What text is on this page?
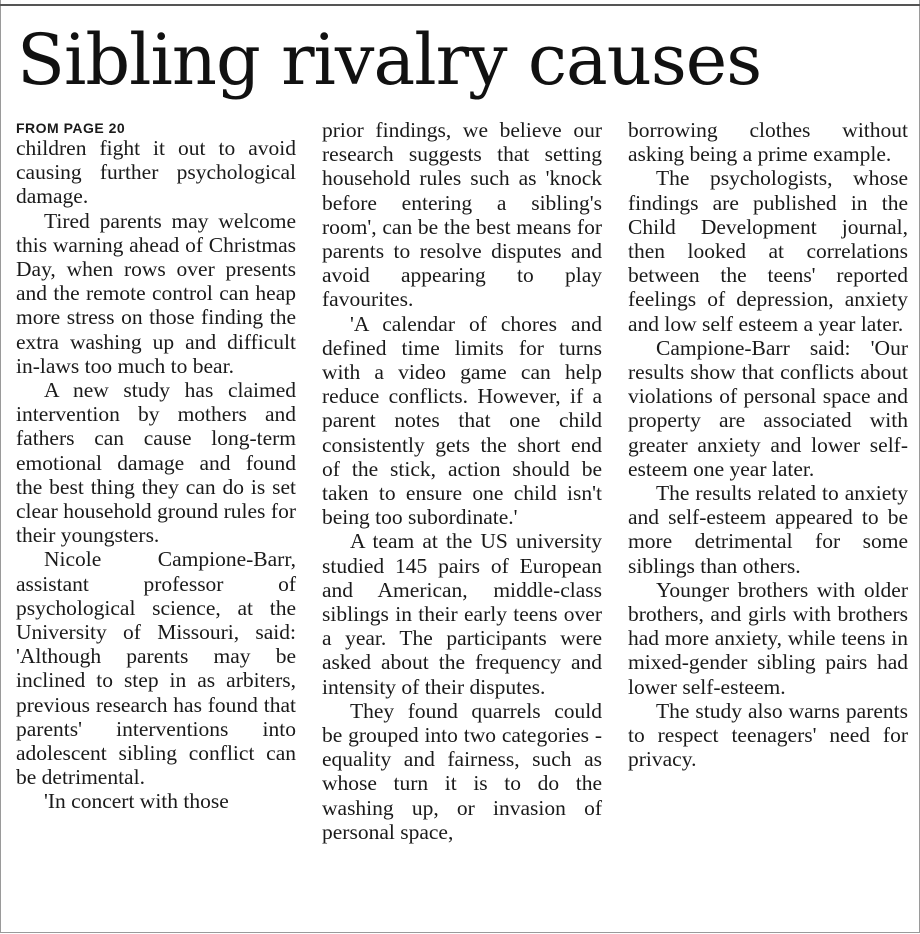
Sibling rivalry causes
FROM PAGE 20

children fight it out to avoid causing further psychological damage.

Tired parents may welcome this warning ahead of Christmas Day, when rows over presents and the remote control can heap more stress on those finding the extra washing up and difficult in-laws too much to bear.

A new study has claimed intervention by mothers and fathers can cause long-term emotional damage and found the best thing they can do is set clear household ground rules for their youngsters.

Nicole Campione-Barr, assistant professor of psychological science, at the University of Missouri, said: 'Although parents may be inclined to step in as arbiters, previous research has found that parents' interventions into adolescent sibling conflict can be detrimental.

'In concert with those

prior findings, we believe our research suggests that setting household rules such as 'knock before entering a sibling's room', can be the best means for parents to resolve disputes and avoid appearing to play favourites.

'A calendar of chores and defined time limits for turns with a video game can help reduce conflicts. However, if a parent notes that one child consistently gets the short end of the stick, action should be taken to ensure one child isn't being too subordinate.'

A team at the US university studied 145 pairs of European and American, middle-class siblings in their early teens over a year. The participants were asked about the frequency and intensity of their disputes.

They found quarrels could be grouped into two categories - equality and fairness, such as whose turn it is to do the washing up, or invasion of personal space,

borrowing clothes without asking being a prime example.

The psychologists, whose findings are published in the Child Development journal, then looked at correlations between the teens' reported feelings of depression, anxiety and low self esteem a year later.

Campione-Barr said: 'Our results show that conflicts about violations of personal space and property are associated with greater anxiety and lower self-esteem one year later.

The results related to anxiety and self-esteem appeared to be more detrimental for some siblings than others.

Younger brothers with older brothers, and girls with brothers had more anxiety, while teens in mixed-gender sibling pairs had lower self-esteem.

The study also warns parents to respect teenagers' need for privacy.
